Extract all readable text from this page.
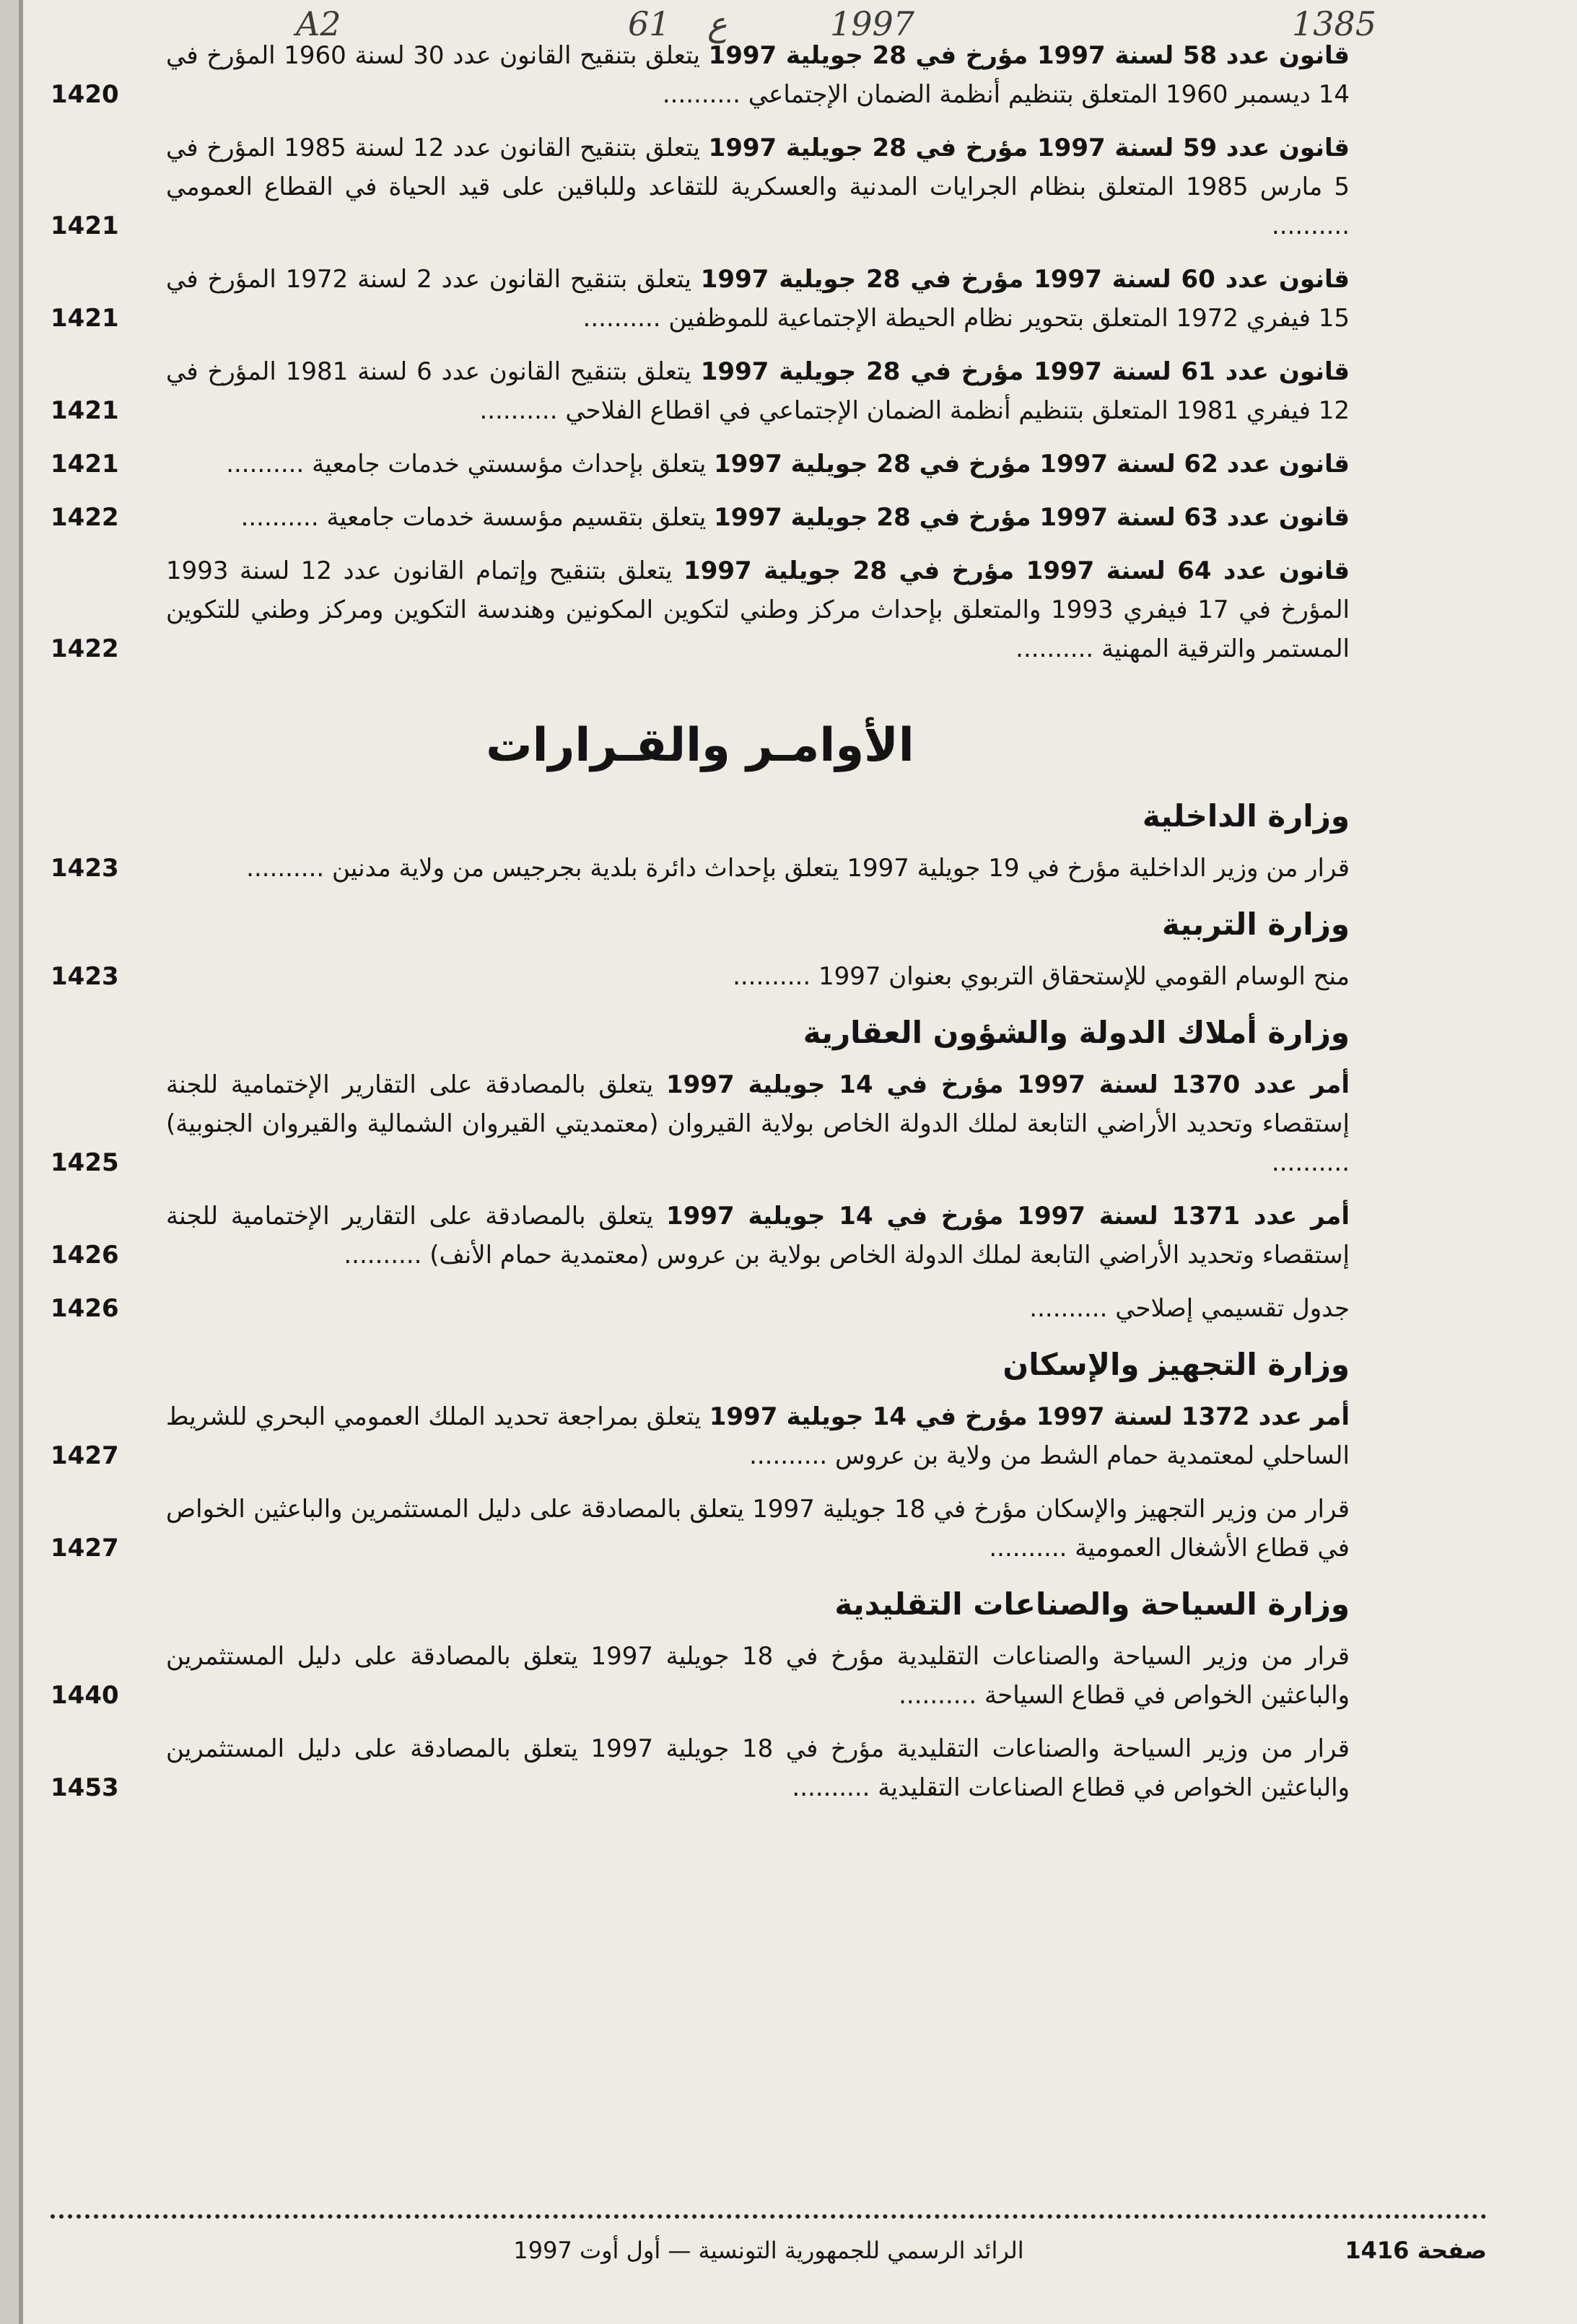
A2	61 ع	1997	1385
قانون عدد 58 لسنة 1997 مؤرخ في 28 جويلية 1997 يتعلق بتنقيح القانون عدد 30 لسنة 1960 المؤرخ في 14 ديسمبر 1960 المتعلق بتنظيم أنظمة الضمان الإجتماعي ..........
1420
قانون عدد 59 لسنة 1997 مؤرخ في 28 جويلية 1997 يتعلق بتنقيح القانون عدد 12 لسنة 1985 المؤرخ في 5 مارس 1985 المتعلق بنظام الجرايات المدنية والعسكرية للتقاعد وللباقين على قيد الحياة في القطاع العمومي ..........
1421
قانون عدد 60 لسنة 1997 مؤرخ في 28 جويلية 1997 يتعلق بتنقيح القانون عدد 2 لسنة 1972 المؤرخ في 15 فيفري 1972 المتعلق بتحوير نظام الحيطة الإجتماعية للموظفين ..........
1421
قانون عدد 61 لسنة 1997 مؤرخ في 28 جويلية 1997 يتعلق بتنقيح القانون عدد 6 لسنة 1981 المؤرخ في 12 فيفري 1981 المتعلق بتنظيم أنظمة الضمان الإجتماعي في اقطاع الفلاحي ..........
1421
قانون عدد 62 لسنة 1997 مؤرخ في 28 جويلية 1997 يتعلق بإحداث مؤسستي خدمات جامعية ..........
1421
قانون عدد 63 لسنة 1997 مؤرخ في 28 جويلية 1997 يتعلق بتقسيم مؤسسة خدمات جامعية ..........
1422
قانون عدد 64 لسنة 1997 مؤرخ في 28 جويلية 1997 يتعلق بتنقيح وإتمام القانون عدد 12 لسنة 1993 المؤرخ في 17 فيفري 1993 والمتعلق بإحداث مركز وطني لتكوين المكونين وهندسة التكوين ومركز وطني للتكوين المستمر والترقية المهنية ..........
1422
الأوامـر والقـرارات
وزارة الداخلية
قرار من وزير الداخلية مؤرخ في 19 جويلية 1997 يتعلق بإحداث دائرة بلدية بجرجيس من ولاية مدنين ..........
1423
وزارة التربية
منح الوسام القومي للإستحقاق التربوي بعنوان 1997 ..........
1423
وزارة أملاك الدولة والشؤون العقارية
أمر عدد 1370 لسنة 1997 مؤرخ في 14 جويلية 1997 يتعلق بالمصادقة على التقارير الإختمامية للجنة إستقصاء وتحديد الأراضي التابعة لملك الدولة الخاص بولاية القيروان (معتمديتي القيروان الشمالية والقيروان الجنوبية) ..........
1425
أمر عدد 1371 لسنة 1997 مؤرخ في 14 جويلية 1997 يتعلق بالمصادقة على التقارير الإختمامية للجنة إستقصاء وتحديد الأراضي التابعة لملك الدولة الخاص بولاية بن عروس (معتمدية حمام الأنف) ..........
1426
جدول تقسيمي إصلاحي ..........
1426
وزارة التجهيز والإسكان
أمر عدد 1372 لسنة 1997 مؤرخ في 14 جويلية 1997 يتعلق بمراجعة تحديد الملك العمومي البحري للشريط الساحلي لمعتمدية حمام الشط من ولاية بن عروس ..........
1427
قرار من وزير التجهيز والإسكان مؤرخ في 18 جويلية 1997 يتعلق بالمصادقة على دليل المستثمرين والباعثين الخواص في قطاع الأشغال العمومية ..........
1427
وزارة السياحة والصناعات التقليدية
قرار من وزير السياحة والصناعات التقليدية مؤرخ في 18 جويلية 1997 يتعلق بالمصادقة على دليل المستثمرين والباعثين الخواص في قطاع السياحة ..........
1440
قرار من وزير السياحة والصناعات التقليدية مؤرخ في 18 جويلية 1997 يتعلق بالمصادقة على دليل المستثمرين والباعثين الخواص في قطاع الصناعات التقليدية ..........
1453
صفحة 1416
الرائد الرسمي للجمهورية التونسية — أول أوت 1997
